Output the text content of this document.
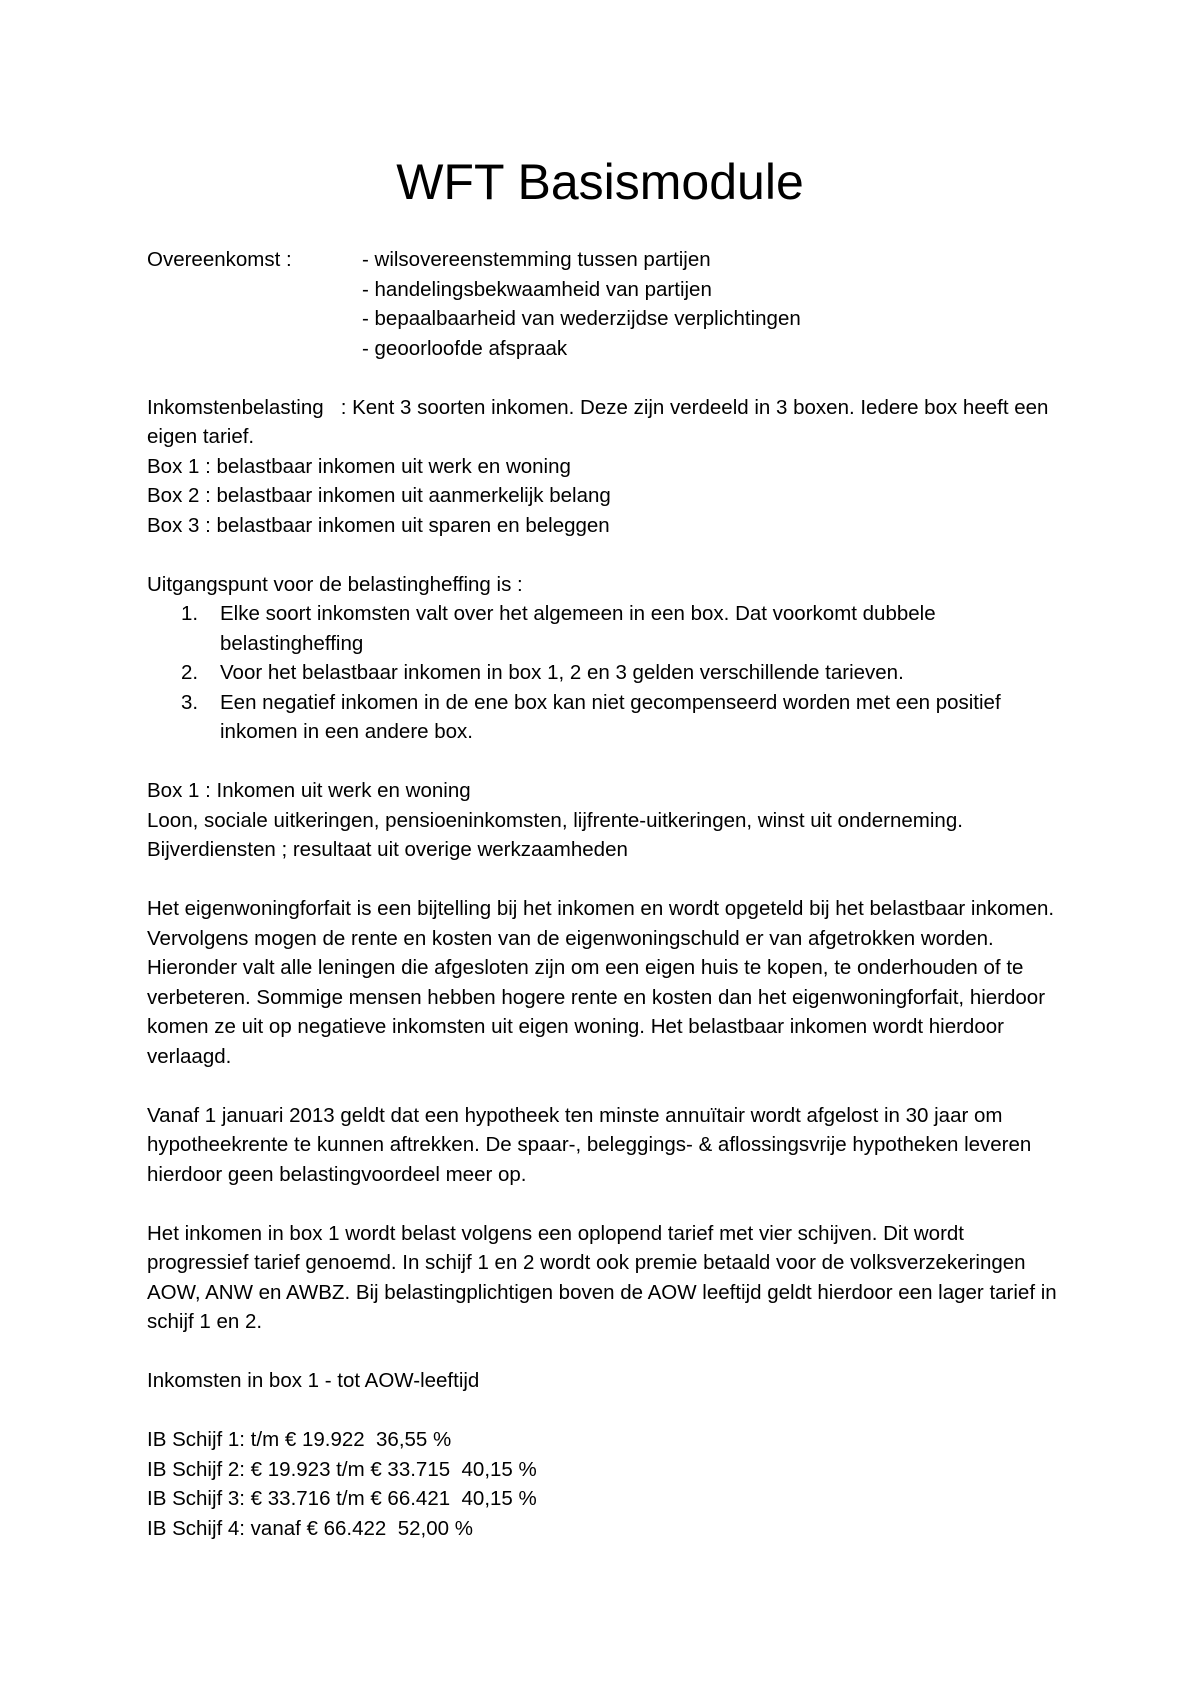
WFT Basismodule
Overeenkomst :	- wilsovereenstemming tussen partijen
- handelingsbekwaamheid van partijen
- bepaalbaarheid van wederzijdse verplichtingen
- geoorloofde afspraak

Inkomstenbelasting   : Kent 3 soorten inkomen. Deze zijn verdeeld in 3 boxen. Iedere box heeft een eigen tarief.

Box 1 : belastbaar inkomen uit werk en woning
Box 2 : belastbaar inkomen uit aanmerkelijk belang
Box 3 : belastbaar inkomen uit sparen en beleggen

Uitgangspunt voor de belastingheffing is :

1. Elke soort inkomsten valt over het algemeen in een box. Dat voorkomt dubbele belastingheffing
2. Voor het belastbaar inkomen in box 1, 2 en 3 gelden verschillende tarieven.
3. Een negatief inkomen in de ene box kan niet gecompenseerd worden met een positief inkomen in een andere box.
Box 1 : Inkomen uit werk en woning

Loon, sociale uitkeringen, pensioeninkomsten, lijfrente-uitkeringen, winst uit onderneming. Bijverdiensten ; resultaat uit overige werkzaamheden

Het eigenwoningforfait is een bijtelling bij het inkomen en wordt opgeteld bij het belastbaar inkomen. Vervolgens mogen de rente en kosten van de eigenwoningschuld er van afgetrokken worden. Hieronder valt alle leningen die afgesloten zijn om een eigen huis te kopen, te onderhouden of te verbeteren. Sommige mensen hebben hogere rente en kosten dan het eigenwoningforfait, hierdoor komen ze uit op negatieve inkomsten uit eigen woning. Het belastbaar inkomen wordt hierdoor verlaagd.

Vanaf 1 januari 2013 geldt dat een hypotheek ten minste annuïtair wordt afgelost in 30 jaar om hypotheekrente te kunnen aftrekken. De spaar-, beleggings- & aflossingsvrije hypotheken leveren hierdoor geen belastingvoordeel meer op.

Het inkomen in box 1 wordt belast volgens een oplopend tarief met vier schijven. Dit wordt progressief tarief genoemd. In schijf 1 en 2 wordt ook premie betaald voor de volksverzekeringen AOW, ANW en AWBZ. Bij belastingplichtigen boven de AOW leeftijd geldt hierdoor een lager tarief in schijf 1 en 2.

Inkomsten in box 1 - tot AOW-leeftijd
IB Schijf 1: t/m € 19.922  36,55 %
IB Schijf 2: € 19.923 t/m € 33.715  40,15 %
IB Schijf 3: € 33.716 t/m € 66.421  40,15 %
IB Schijf 4: vanaf € 66.422  52,00 %
